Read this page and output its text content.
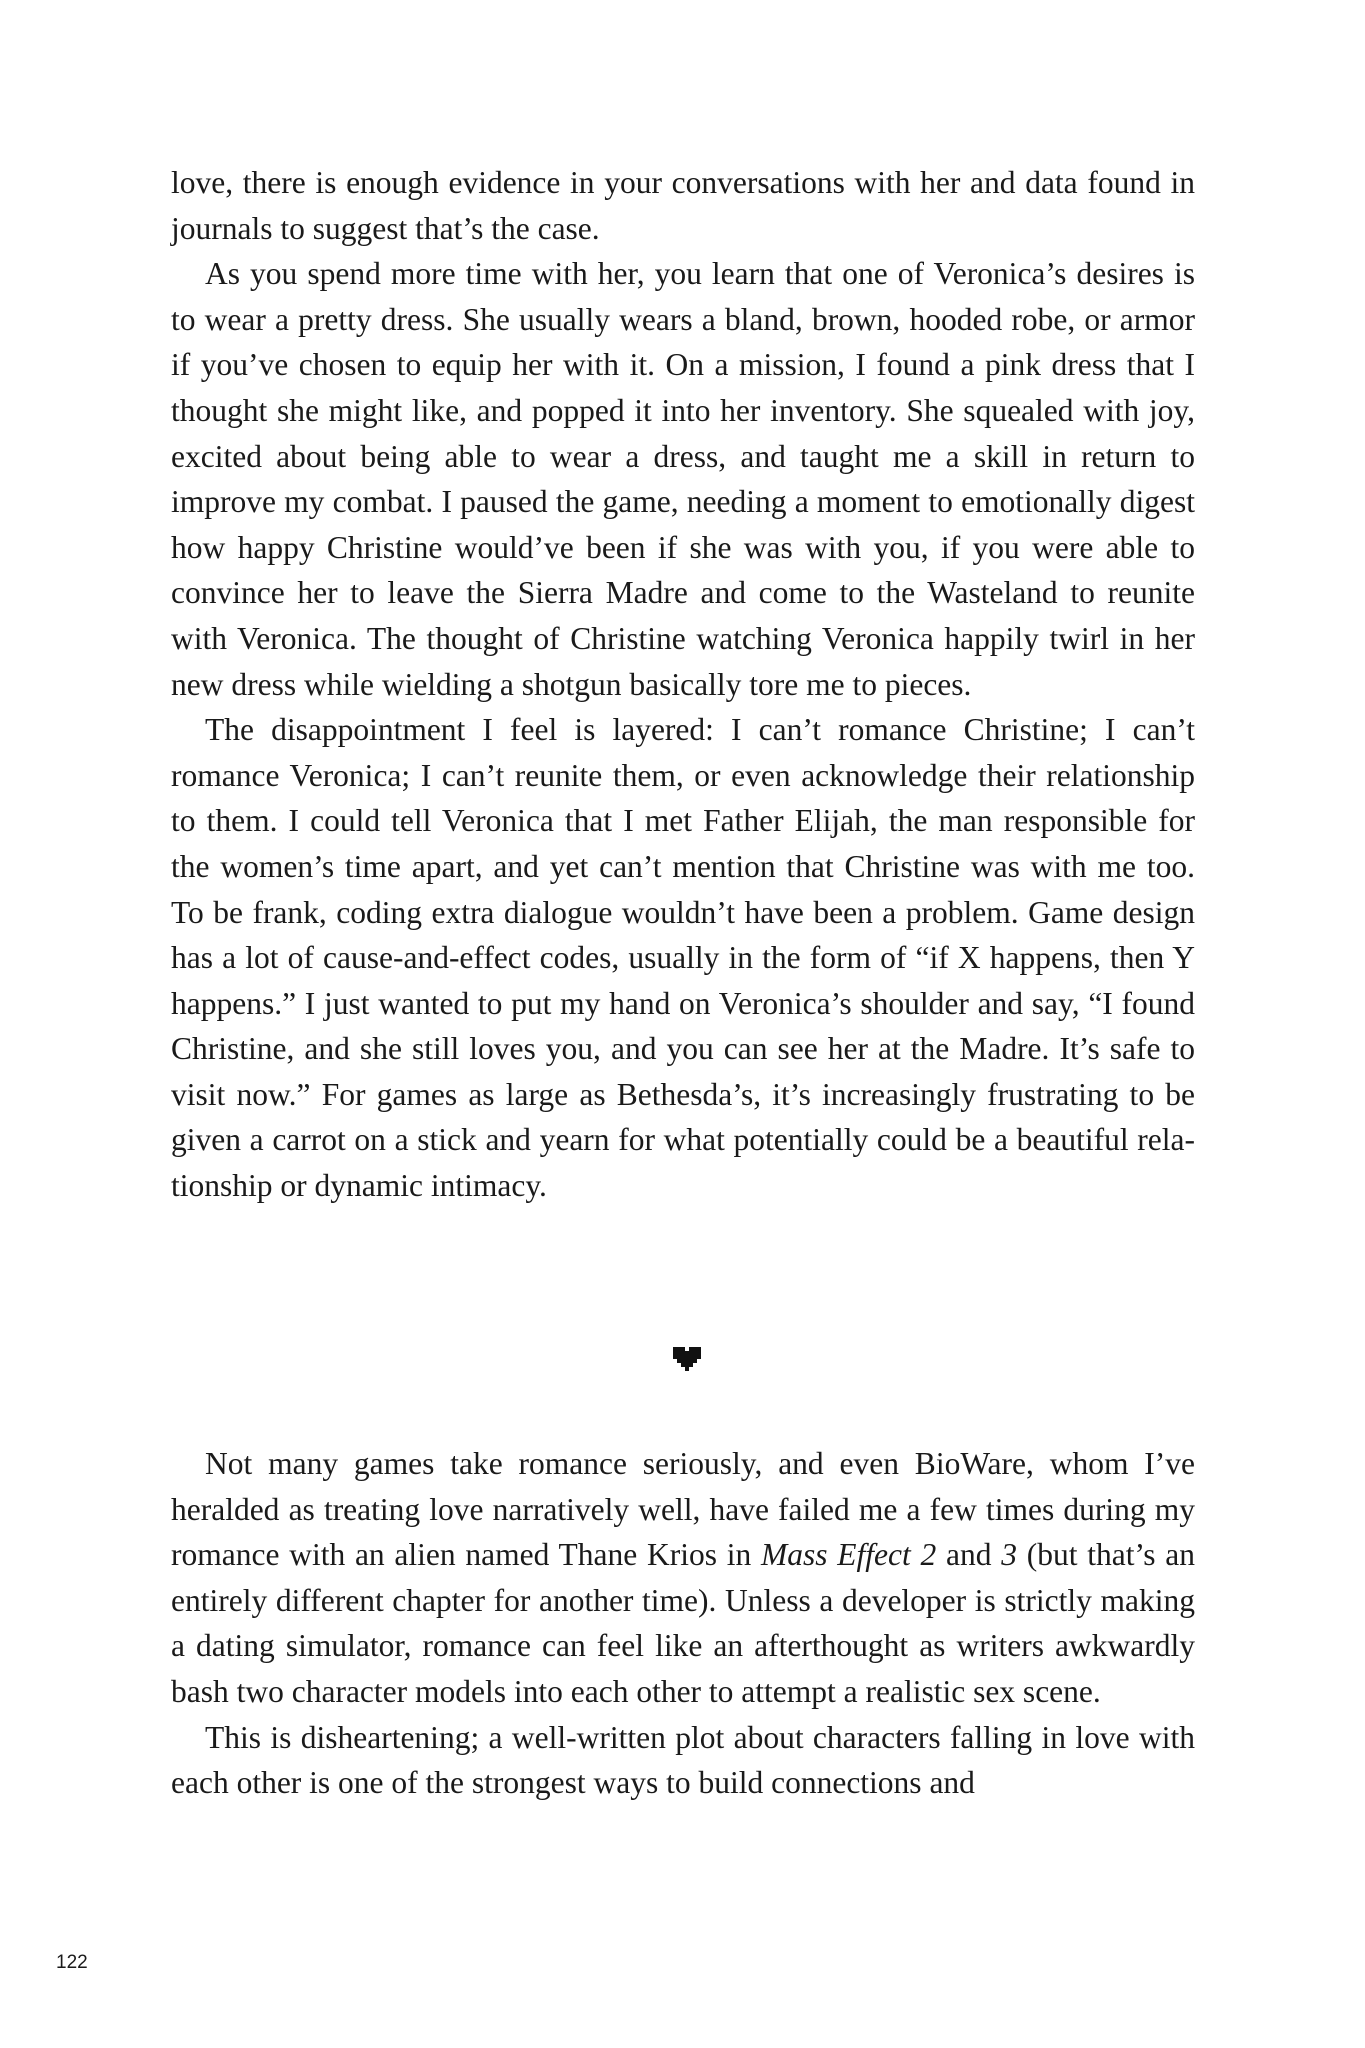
love, there is enough evidence in your conversations with her and data found in journals to suggest that’s the case.

As you spend more time with her, you learn that one of Veronica’s desires is to wear a pretty dress. She usually wears a bland, brown, hooded robe, or armor if you’ve chosen to equip her with it. On a mission, I found a pink dress that I thought she might like, and popped it into her inventory. She squealed with joy, excited about being able to wear a dress, and taught me a skill in return to improve my combat. I paused the game, needing a moment to emotionally digest how happy Christine would’ve been if she was with you, if you were able to convince her to leave the Sierra Madre and come to the Wasteland to reunite with Veronica. The thought of Christine watching Veronica happily twirl in her new dress while wielding a shotgun basically tore me to pieces.

The disappointment I feel is layered: I can’t romance Christine; I can’t romance Veronica; I can’t reunite them, or even acknowledge their relationship to them. I could tell Veronica that I met Father Elijah, the man responsible for the women’s time apart, and yet can’t mention that Christine was with me too. To be frank, coding extra dialogue wouldn’t have been a problem. Game design has a lot of cause-and-effect codes, usually in the form of “if X happens, then Y happens.” I just wanted to put my hand on Veronica’s shoulder and say, “I found Christine, and she still loves you, and you can see her at the Madre. It’s safe to visit now.” For games as large as Bethesda’s, it’s increasingly frustrating to be given a carrot on a stick and yearn for what potentially could be a beautiful relationship or dynamic intimacy.

Not many games take romance seriously, and even BioWare, whom I’ve heralded as treating love narratively well, have failed me a few times during my romance with an alien named Thane Krios in Mass Effect 2 and 3 (but that’s an entirely different chapter for another time). Unless a developer is strictly making a dating simulator, romance can feel like an afterthought as writers awkwardly bash two character models into each other to attempt a realistic sex scene.

This is disheartening; a well-written plot about characters falling in love with each other is one of the strongest ways to build connections and

122
